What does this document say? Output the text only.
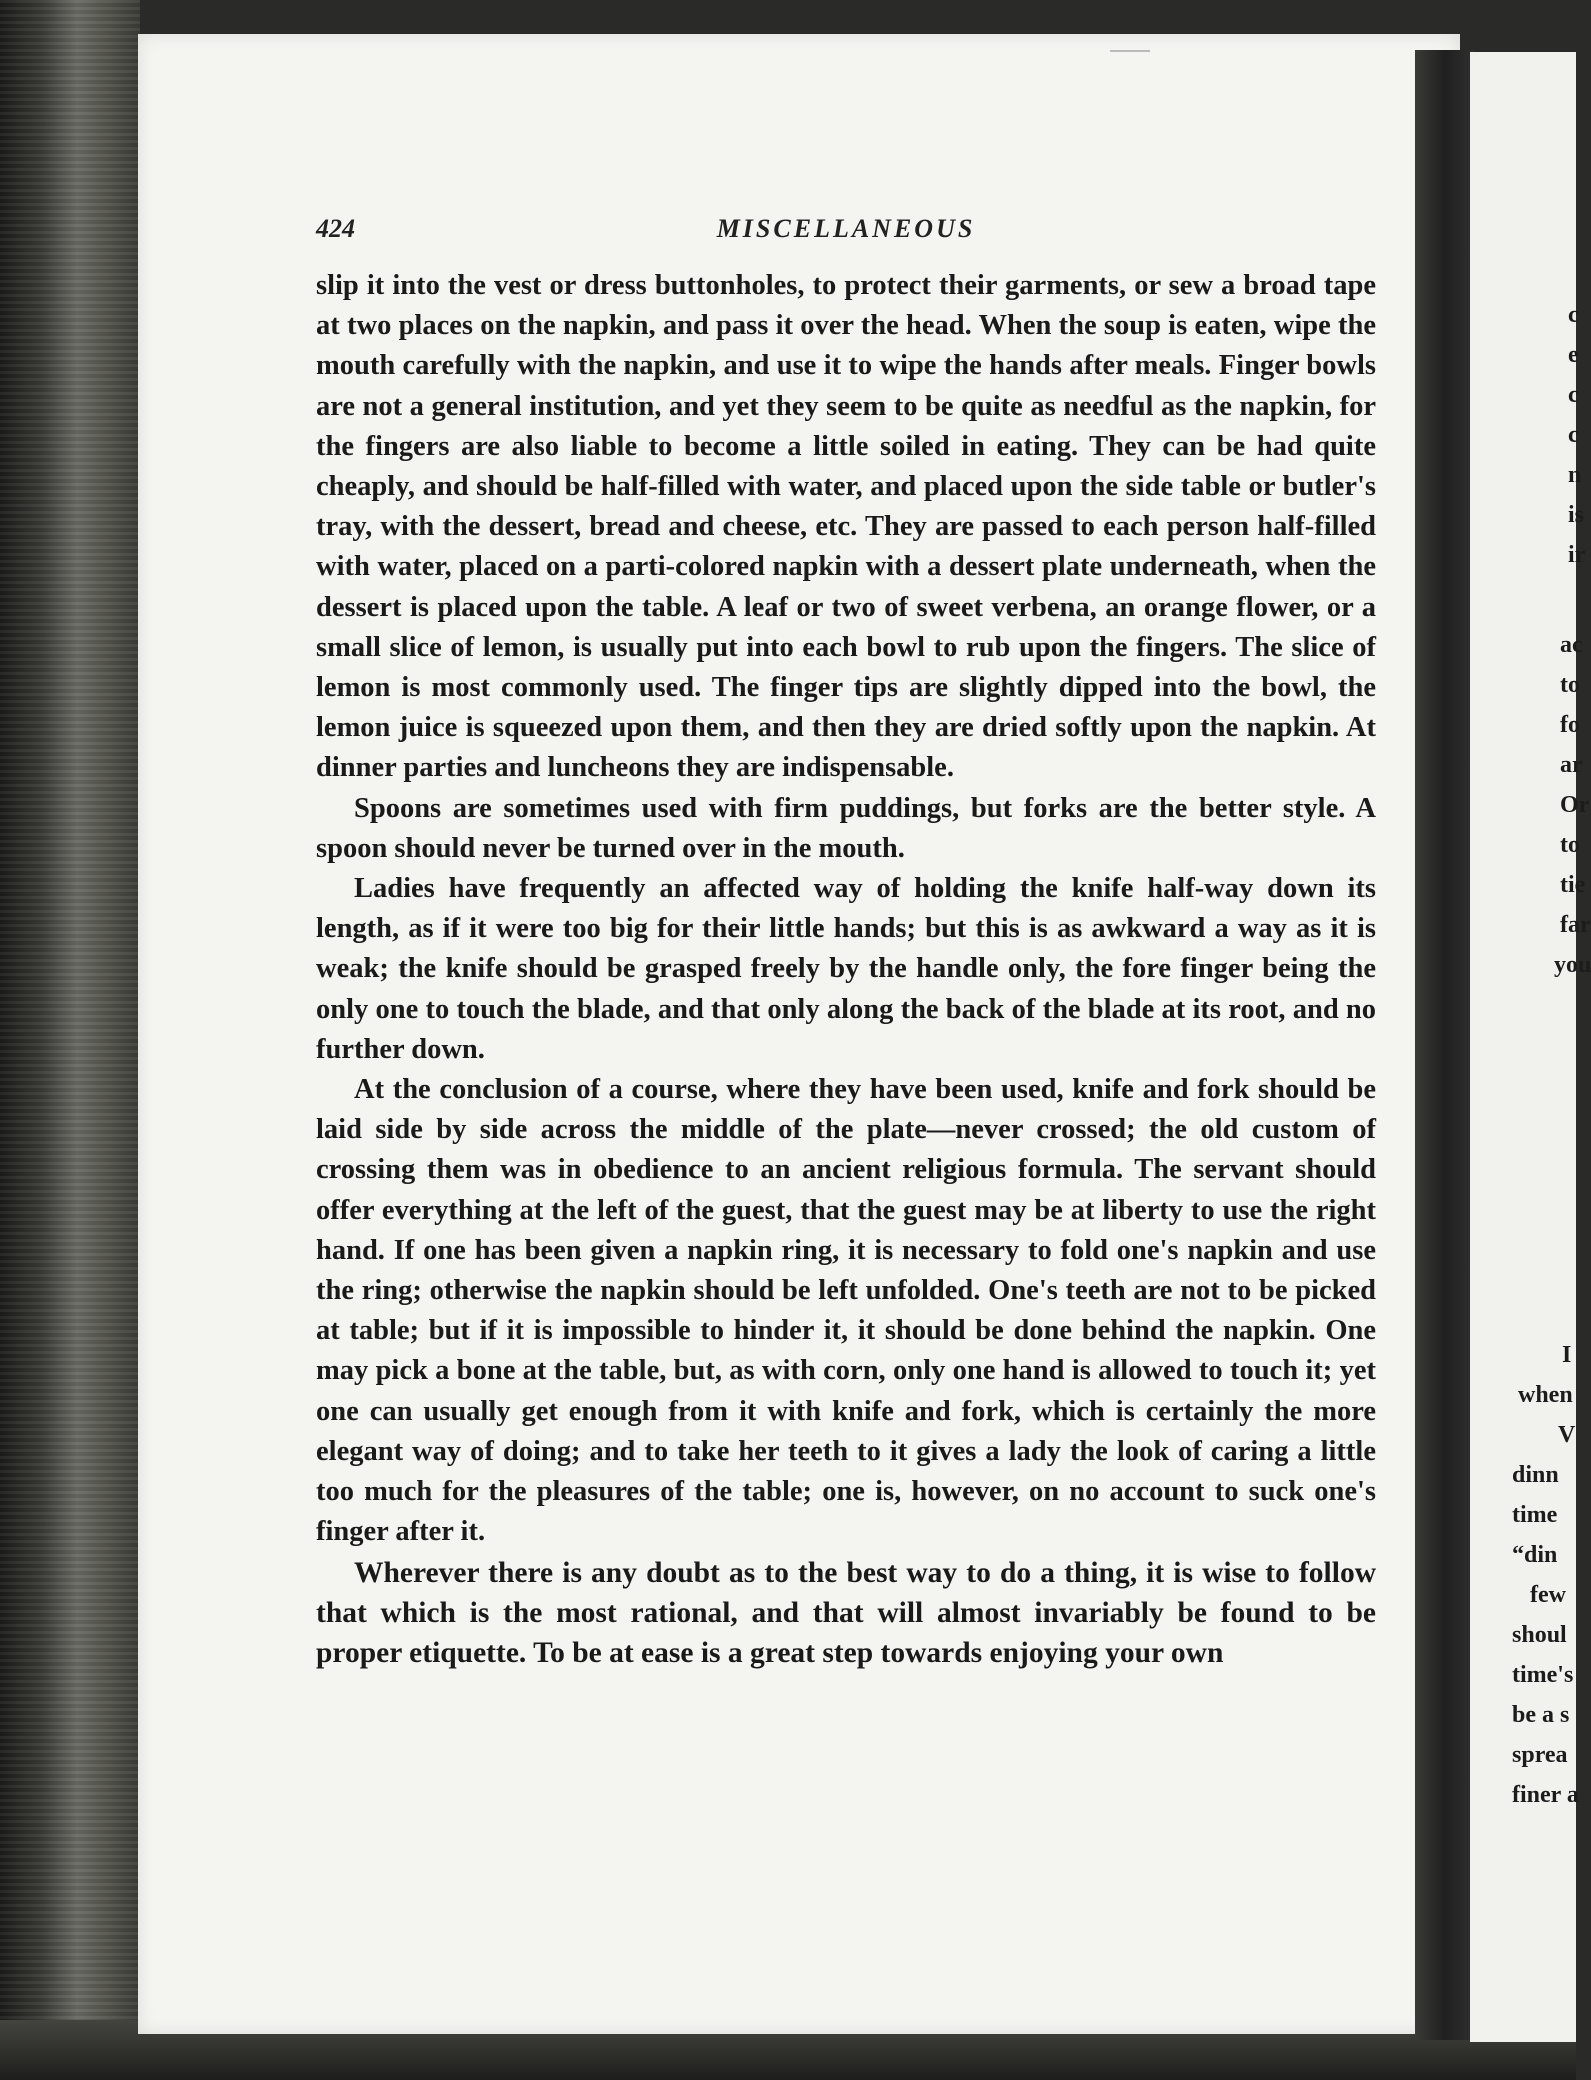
c
e
c
c
n
is
ir
ac
to
fo
ar
Or
to
tie
far
you
I
when
V
dinn
time
“din
few
shoul
time's
be a s
sprea
finer a
424	MISCELLANEOUS

slip it into the vest or dress buttonholes, to protect their garments, or sew a broad tape at two places on the napkin, and pass it over the head. When the soup is eaten, wipe the mouth carefully with the napkin, and use it to wipe the hands after meals. Finger bowls are not a general institution, and yet they seem to be quite as needful as the napkin, for the fingers are also liable to become a little soiled in eating. They can be had quite cheaply, and should be half-filled with water, and placed upon the side table or butler's tray, with the dessert, bread and cheese, etc. They are passed to each person half-filled with water, placed on a parti-colored napkin with a dessert plate underneath, when the dessert is placed upon the table. A leaf or two of sweet verbena, an orange flower, or a small slice of lemon, is usually put into each bowl to rub upon the fingers. The slice of lemon is most commonly used. The finger tips are slightly dipped into the bowl, the lemon juice is squeezed upon them, and then they are dried softly upon the napkin. At dinner parties and luncheons they are indispensable.

Spoons are sometimes used with firm puddings, but forks are the better style. A spoon should never be turned over in the mouth.

Ladies have frequently an affected way of holding the knife half-way down its length, as if it were too big for their little hands; but this is as awkward a way as it is weak; the knife should be grasped freely by the handle only, the fore finger being the only one to touch the blade, and that only along the back of the blade at its root, and no further down.

At the conclusion of a course, where they have been used, knife and fork should be laid side by side across the middle of the plate—never crossed; the old custom of crossing them was in obedience to an ancient religious formula. The servant should offer everything at the left of the guest, that the guest may be at liberty to use the right hand. If one has been given a napkin ring, it is necessary to fold one's napkin and use the ring; otherwise the napkin should be left unfolded. One's teeth are not to be picked at table; but if it is impossible to hinder it, it should be done behind the napkin. One may pick a bone at the table, but, as with corn, only one hand is allowed to touch it; yet one can usually get enough from it with knife and fork, which is certainly the more elegant way of doing; and to take her teeth to it gives a lady the look of caring a little too much for the pleasures of the table; one is, however, on no account to suck one's finger after it.

Wherever there is any doubt as to the best way to do a thing, it is wise to follow that which is the most rational, and that will almost invariably be found to be proper etiquette. To be at ease is a great step towards enjoying your own
